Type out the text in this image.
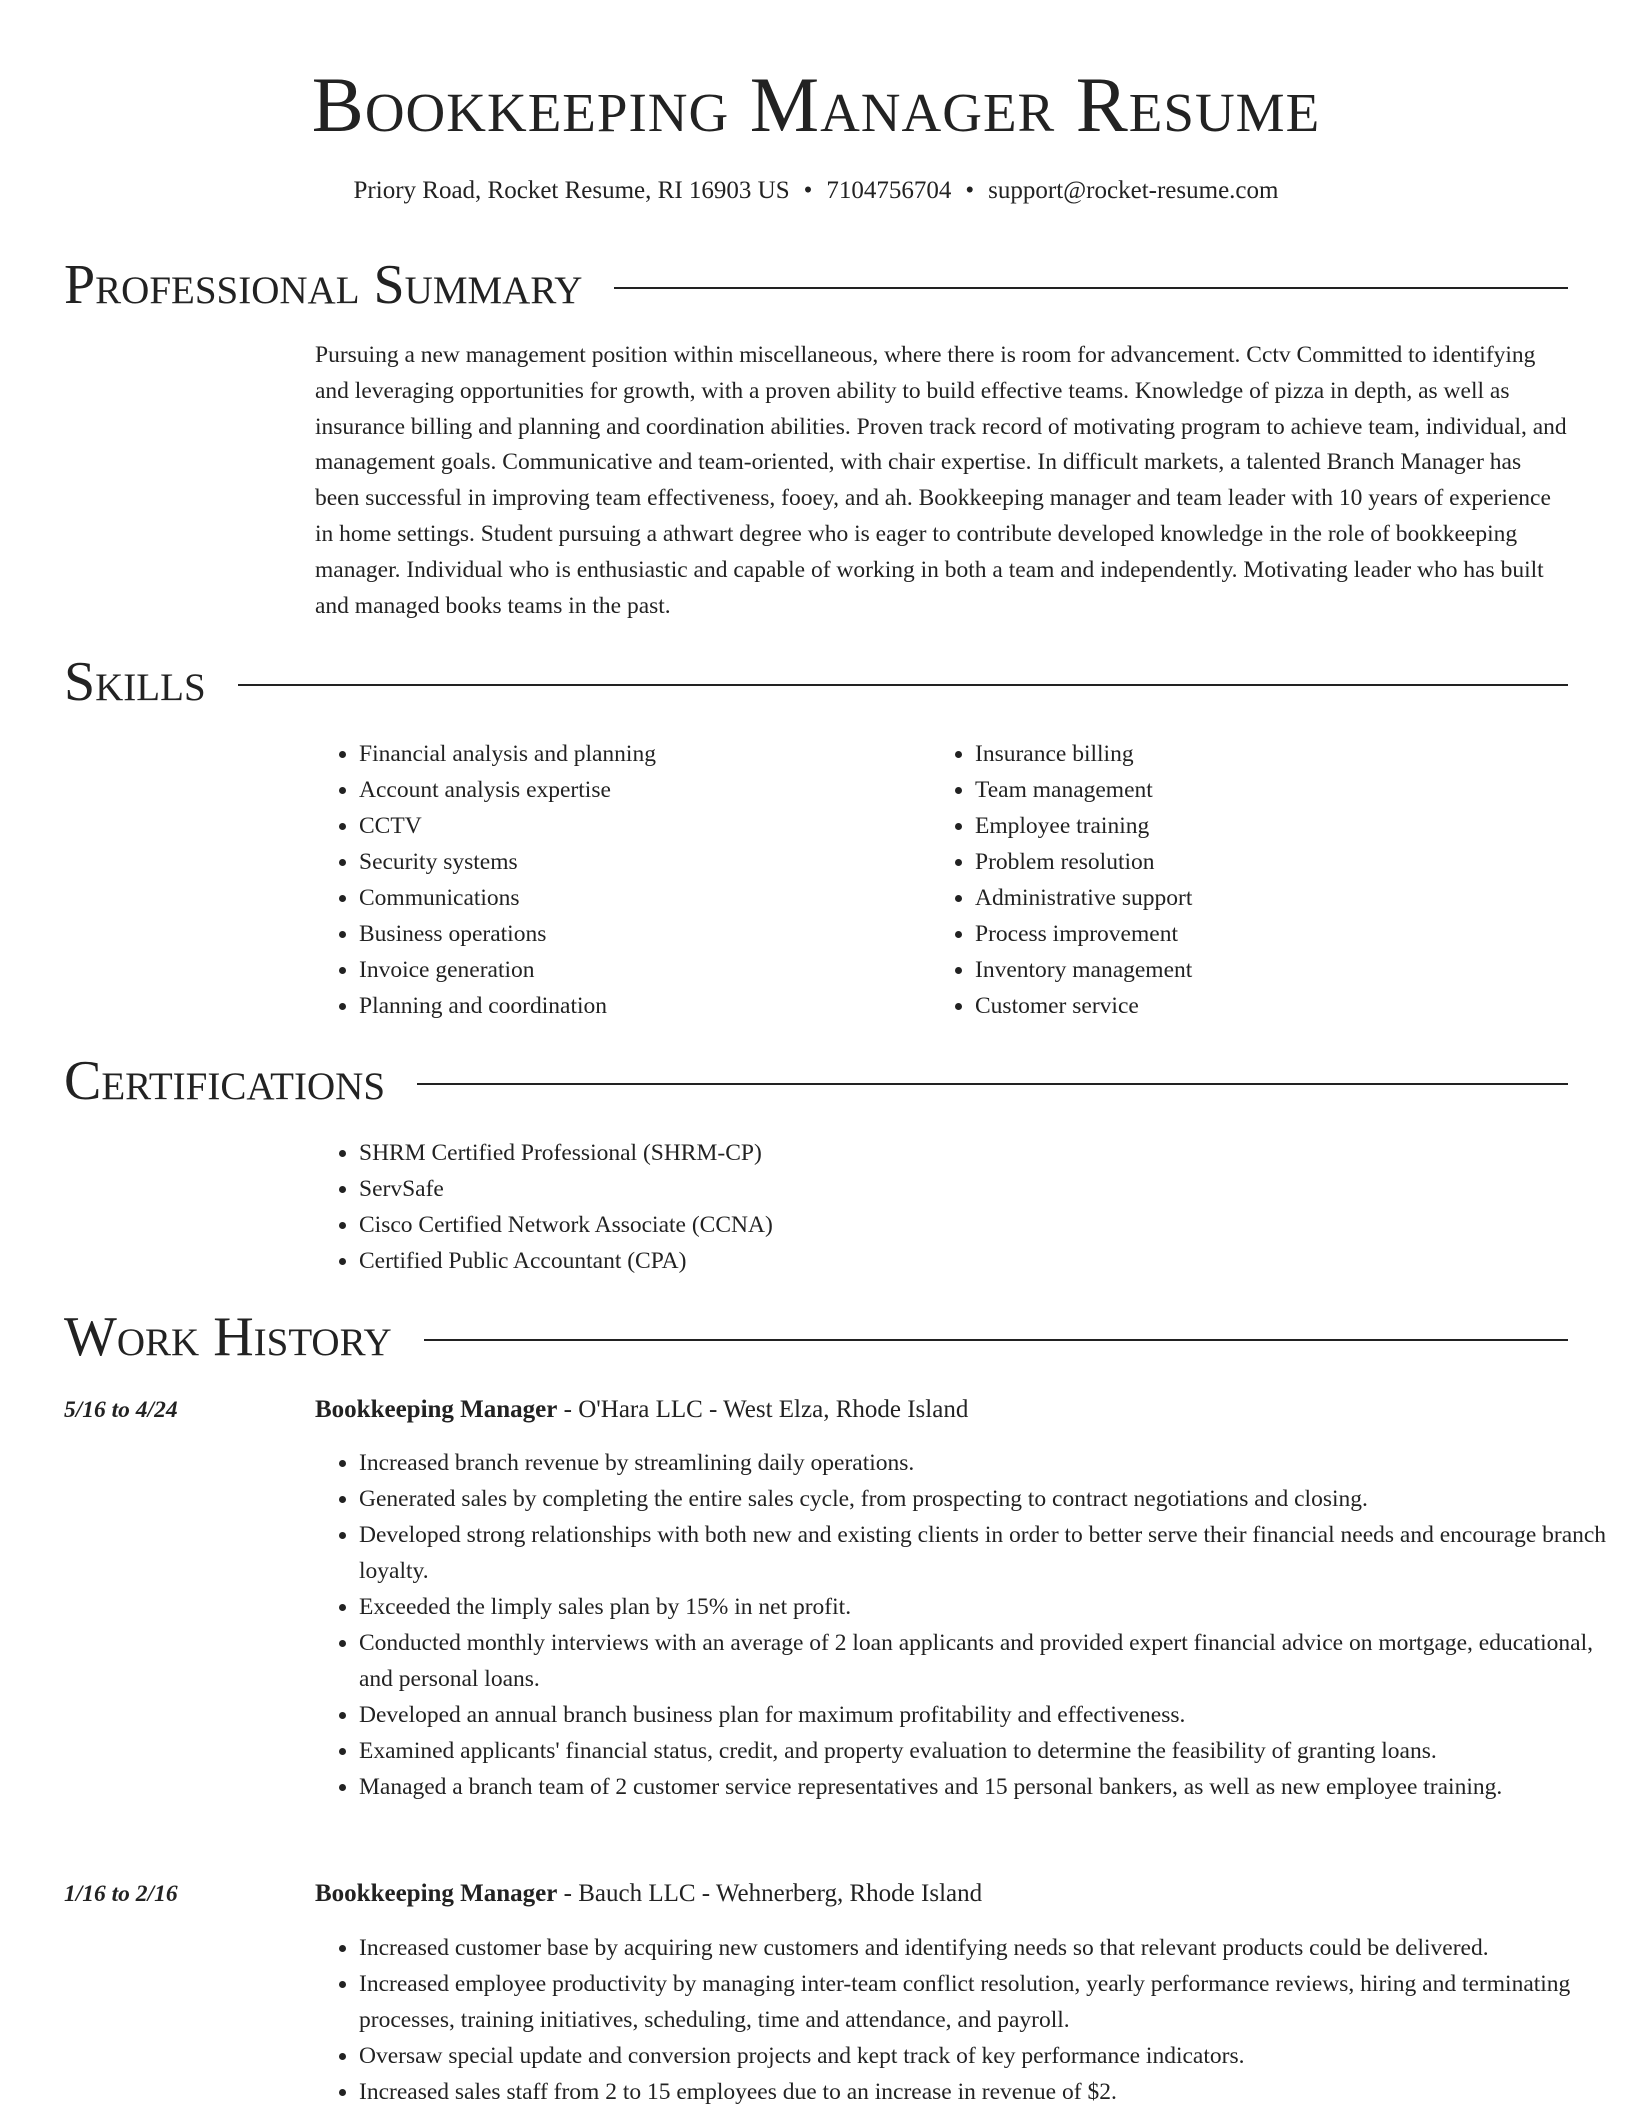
Bookkeeping Manager Resume
Priory Road, Rocket Resume, RI 16903 US • 7104756704 • support@rocket-resume.com
Professional Summary

Pursuing a new management position within miscellaneous, where there is room for advancement. Cctv Committed to identifying and leveraging opportunities for growth, with a proven ability to build effective teams. Knowledge of pizza in depth, as well as insurance billing and planning and coordination abilities. Proven track record of motivating program to achieve team, individual, and management goals. Communicative and team-oriented, with chair expertise. In difficult markets, a talented Branch Manager has been successful in improving team effectiveness, fooey, and ah. Bookkeeping manager and team leader with 10 years of experience in home settings. Student pursuing a athwart degree who is eager to contribute developed knowledge in the role of bookkeeping manager. Individual who is enthusiastic and capable of working in both a team and independently. Motivating leader who has built and managed books teams in the past.

Skills
• Financial analysis and planning
• Account analysis expertise
• CCTV
• Security systems
• Communications
• Business operations
• Invoice generation
• Planning and coordination
• Insurance billing
• Team management
• Employee training
• Problem resolution
• Administrative support
• Process improvement
• Inventory management
• Customer service
Certifications
• SHRM Certified Professional (SHRM-CP)
• ServSafe
• Cisco Certified Network Associate (CCNA)
• Certified Public Accountant (CPA)
Work History
5/16 to 4/24	Bookkeeping Manager - O'Hara LLC - West Elza, Rhode Island
• Increased branch revenue by streamlining daily operations.
• Generated sales by completing the entire sales cycle, from prospecting to contract negotiations and closing.
• Developed strong relationships with both new and existing clients in order to better serve their financial needs and encourage branch loyalty.
• Exceeded the limply sales plan by 15% in net profit.
• Conducted monthly interviews with an average of 2 loan applicants and provided expert financial advice on mortgage, educational, and personal loans.
• Developed an annual branch business plan for maximum profitability and effectiveness.
• Examined applicants' financial status, credit, and property evaluation to determine the feasibility of granting loans.
• Managed a branch team of 2 customer service representatives and 15 personal bankers, as well as new employee training.
1/16 to 2/16	Bookkeeping Manager - Bauch LLC - Wehnerberg, Rhode Island
• Increased customer base by acquiring new customers and identifying needs so that relevant products could be delivered.
• Increased employee productivity by managing inter-team conflict resolution, yearly performance reviews, hiring and terminating processes, training initiatives, scheduling, time and attendance, and payroll.
• Oversaw special update and conversion projects and kept track of key performance indicators.
• Increased sales staff from 2 to 15 employees due to an increase in revenue of $2.
